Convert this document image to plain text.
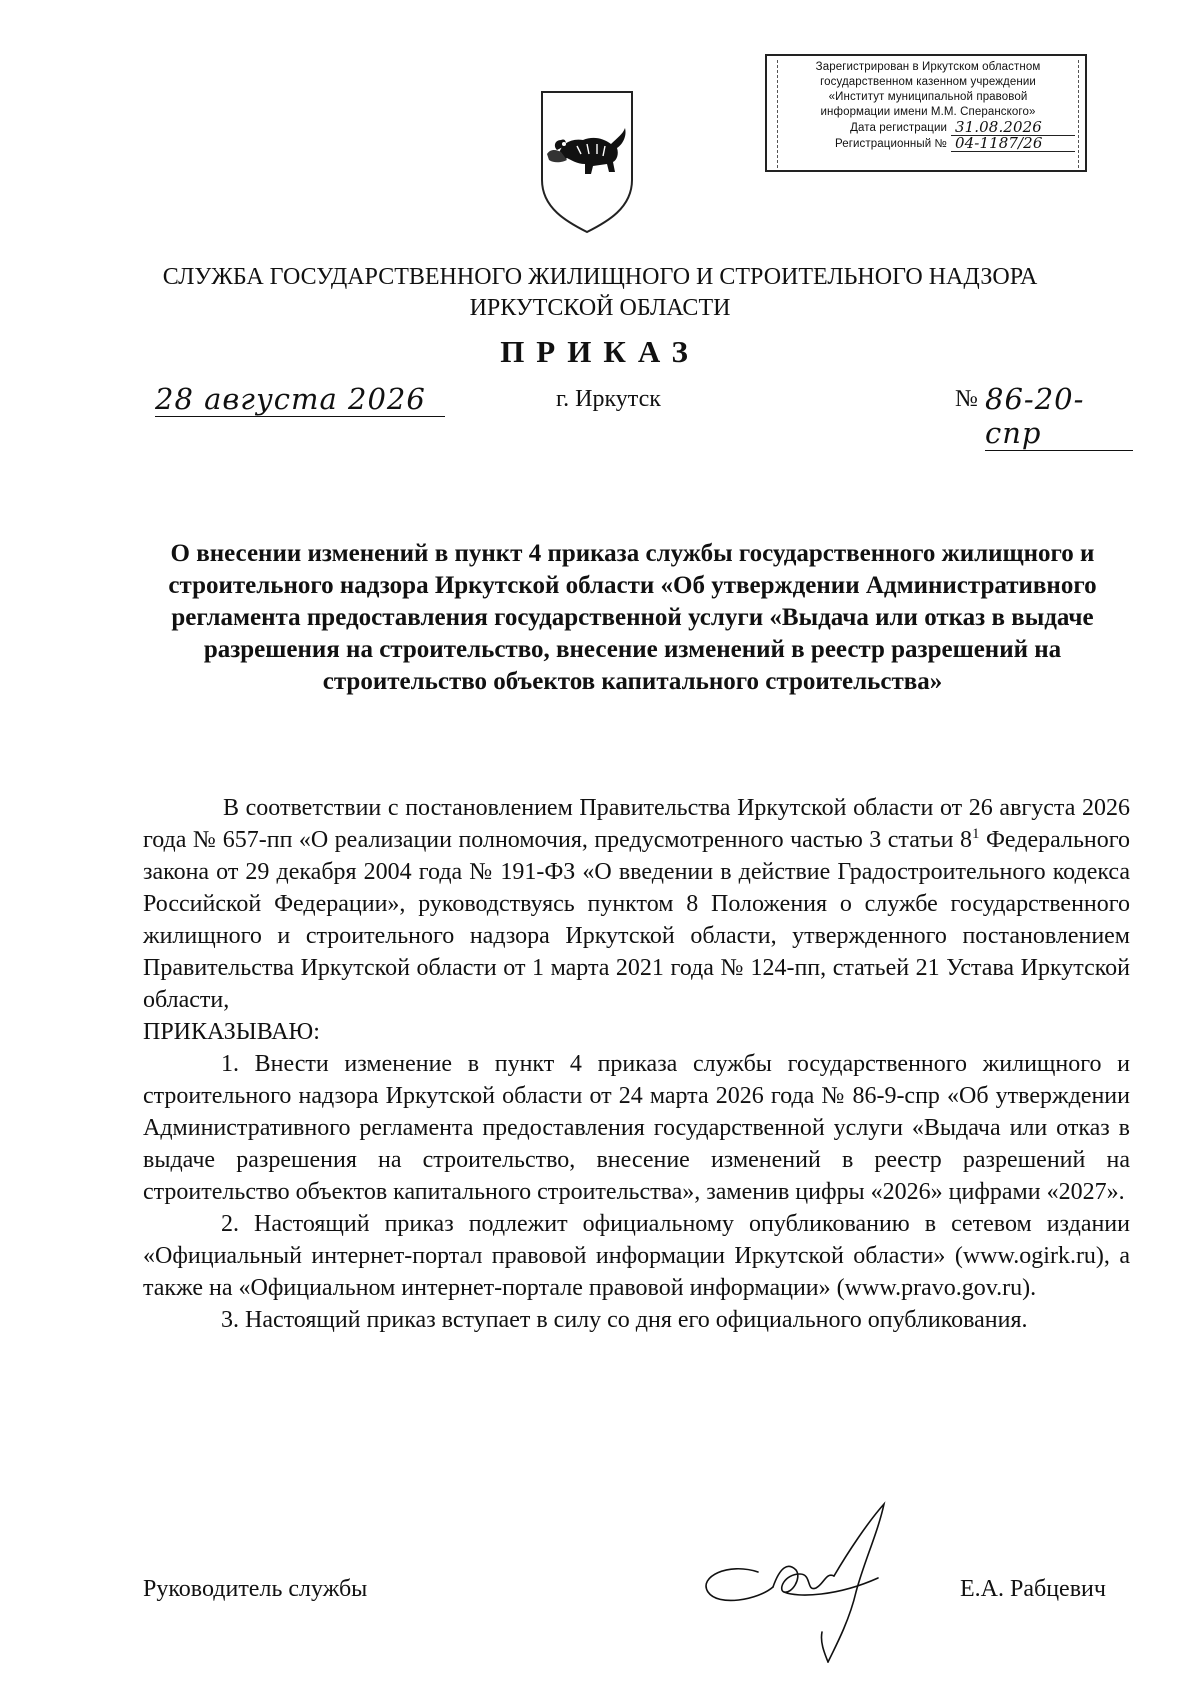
Зарегистрирован в Иркутском областном
государственном казенном учреждении
«Институт муниципальной правовой
информации имени М.М. Сперанского»
Дата регистрации 31.08.2026
Регистрационный № 04-1187/26
СЛУЖБА ГОСУДАРСТВЕННОГО ЖИЛИЩНОГО И СТРОИТЕЛЬНОГО НАДЗОРА
ИРКУТСКОЙ ОБЛАСТИ
ПРИКАЗ
28 августа 2026	г. Иркутск	№ 86-20-спр
О внесении изменений в пункт 4 приказа службы государственного жилищного и строительного надзора Иркутской области «Об утверждении Административного регламента предоставления государственной услуги «Выдача или отказ в выдаче разрешения на строительство, внесение изменений в реестр разрешений на строительство объектов капитального строительства»

В соответствии с постановлением Правительства Иркутской области от 26 августа 2026 года № 657-пп «О реализации полномочия, предусмотренного частью 3 статьи $8^1$ Федерального закона от 29 декабря 2004 года № 191-ФЗ «О введении в действие Градостроительного кодекса Российской Федерации», руководствуясь пунктом 8 Положения о службе государственного жилищного и строительного надзора Иркутской области, утвержденного постановлением Правительства Иркутской области от 1 марта 2021 года № 124-пп, статьей 21 Устава Иркутской области,

ПРИКАЗЫВАЮ:

1. Внести изменение в пункт 4 приказа службы государственного жилищного и строительного надзора Иркутской области от 24 марта 2026 года № 86-9-спр «Об утверждении Административного регламента предоставления государственной услуги «Выдача или отказ в выдаче разрешения на строительство, внесение изменений в реестр разрешений на строительство объектов капитального строительства», заменив цифры «2026» цифрами «2027».

2. Настоящий приказ подлежит официальному опубликованию в сетевом издании «Официальный интернет-портал правовой информации Иркутской области» (www.ogirk.ru), а также на «Официальном интернет-портале правовой информации» (www.pravo.gov.ru).

3. Настоящий приказ вступает в силу со дня его официального опубликования.

Руководитель службы	Е.А. Рабцевич
